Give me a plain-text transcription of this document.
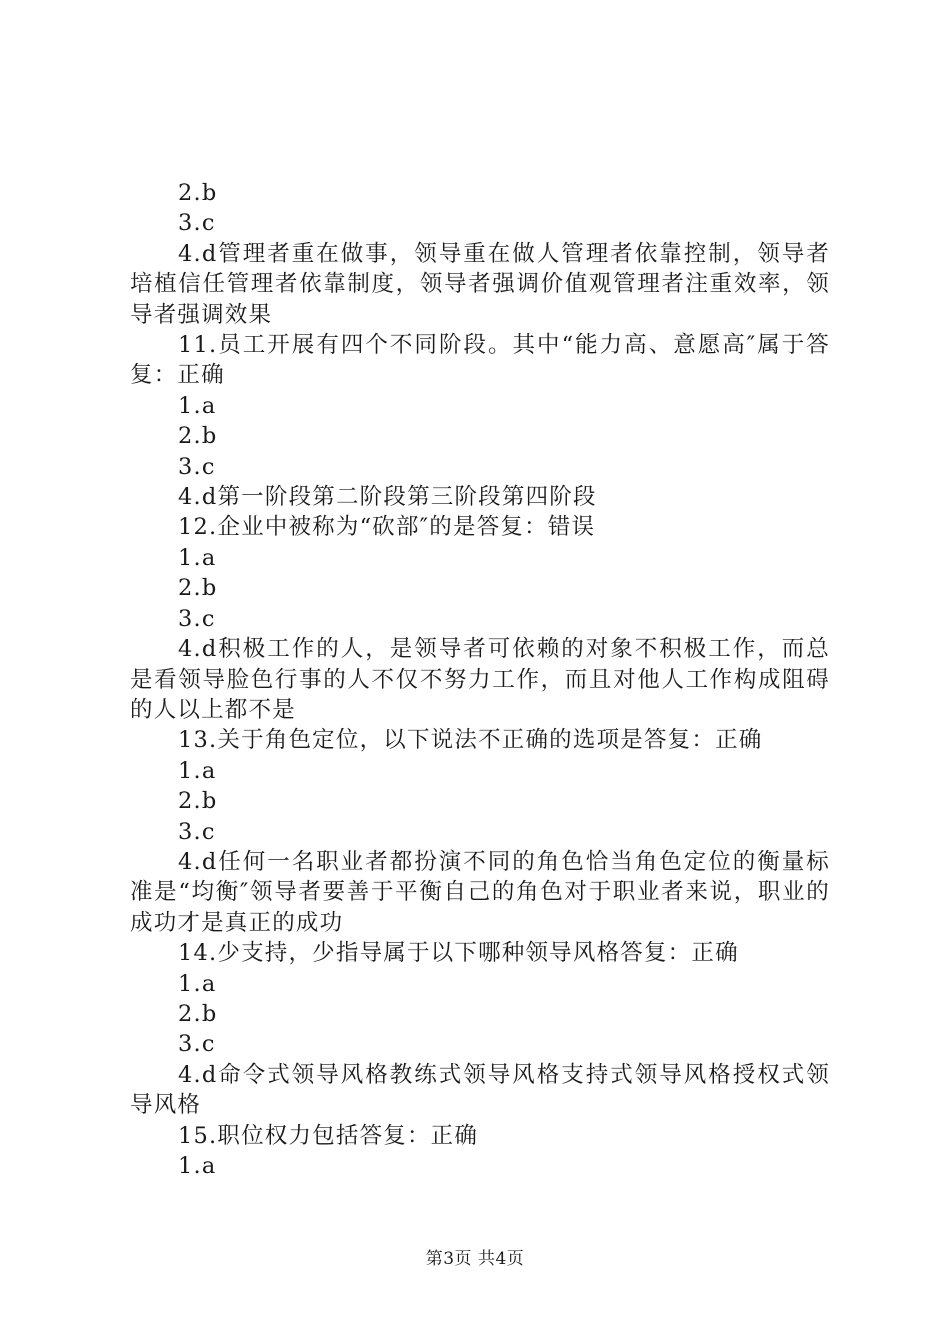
2.b

3.c

4.d管理者重在做事，领导重在做人管理者依靠控制，领导者培植信任管理者依靠制度，领导者强调价值观管理者注重效率，领导者强调效果

11.员工开展有四个不同阶段。其中“能力高、意愿高″属于答复：正确

1.a

2.b

3.c

4.d第一阶段第二阶段第三阶段第四阶段

12.企业中被称为“砍部″的是答复：错误

1.a

2.b

3.c

4.d积极工作的人，是领导者可依赖的对象不积极工作，而总是看领导脸色行事的人不仅不努力工作，而且对他人工作构成阻碍的人以上都不是

13.关于角色定位，以下说法不正确的选项是答复：正确

1.a

2.b

3.c

4.d任何一名职业者都扮演不同的角色恰当角色定位的衡量标准是“均衡″领导者要善于平衡自己的角色对于职业者来说，职业的成功才是真正的成功

14.少支持，少指导属于以下哪种领导风格答复：正确

1.a

2.b

3.c

4.d命令式领导风格教练式领导风格支持式领导风格授权式领导风格

15.职位权力包括答复：正确

1.a

第3页 共4页
